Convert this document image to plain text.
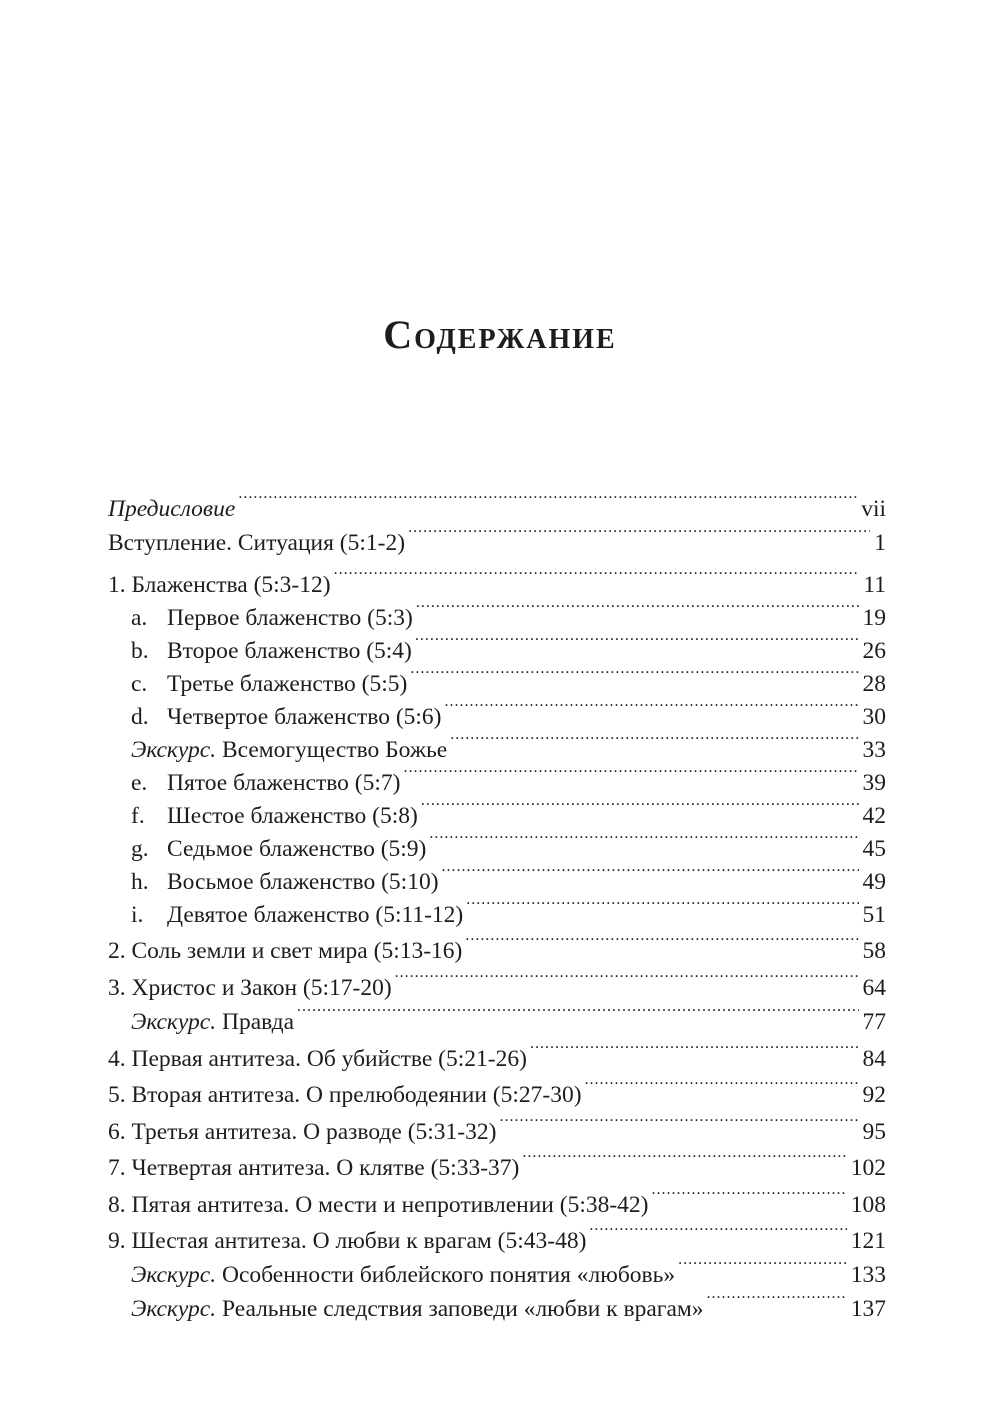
Содержание
Предисловие .....	vii
Вступление. Ситуация (5:1-2) .....	1
1. Блаженства (5:3-12) .....	11
a. Первое блаженство (5:3) .....	19
b. Второе блаженство (5:4) .....	26
c. Третье блаженство (5:5) .....	28
d. Четвертое блаженство (5:6) .....	30
Экскурс. Всемогущество Божье .....	33
e. Пятое блаженство (5:7) .....	39
f. Шестое блаженство (5:8) .....	42
g. Седьмое блаженство (5:9) .....	45
h. Восьмое блаженство (5:10) .....	49
i. Девятое блаженство (5:11-12) .....	51
2. Соль земли и свет мира (5:13-16) .....	58
3. Христос и Закон (5:17-20) .....	64
Экскурс. Правда .....	77
4. Первая антитеза. Об убийстве (5:21-26) .....	84
5. Вторая антитеза. О прелюбодеянии (5:27-30) .....	92
6. Третья антитеза. О разводе (5:31-32) .....	95
7. Четвертая антитеза. О клятве (5:33-37) .....	102
8. Пятая антитеза. О мести и непротивлении (5:38-42) .....	108
9. Шестая антитеза. О любви к врагам (5:43-48) .....	121
Экскурс. Особенности библейского понятия «любовь» .....	133
Экскурс. Реальные следствия заповеди «любви к врагам» .....	137
